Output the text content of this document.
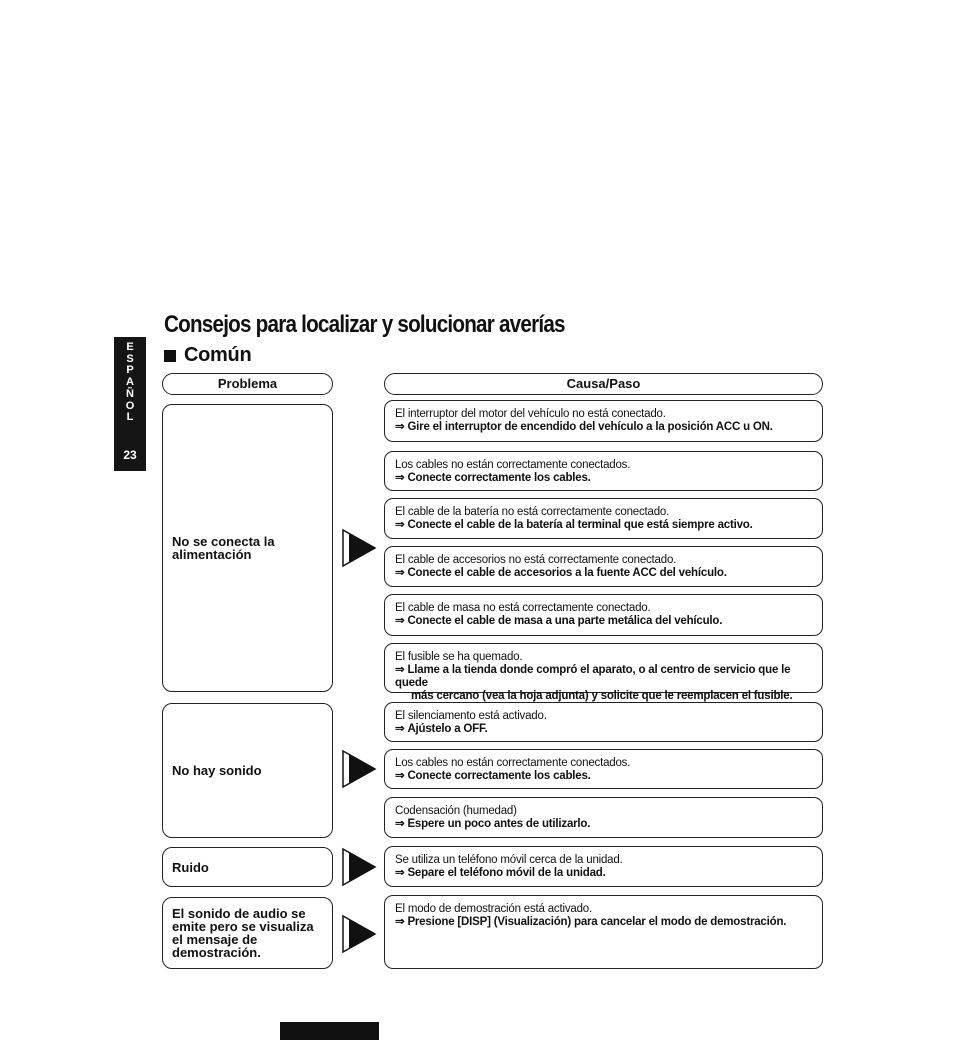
E
S
P
A
Ñ
O
L
23
Consejos para localizar y solucionar averías
Común
Problema	Causa/Paso
No se conecta la alimentación
No hay sonido
Ruido
El sonido de audio se emite pero se visualiza el mensaje de demostración.
El interruptor del motor del vehículo no está conectado.
⇒ Gire el interruptor de encendido del vehículo a la posición ACC u ON.
Los cables no están correctamente conectados.
⇒ Conecte correctamente los cables.
El cable de la batería no está correctamente conectado.
⇒ Conecte el cable de la batería al terminal que está siempre activo.
El cable de accesorios no está correctamente conectado.
⇒ Conecte el cable de accesorios a la fuente ACC del vehículo.
El cable de masa no está correctamente conectado.
⇒ Conecte el cable de masa a una parte metálica del vehículo.
El fusible se ha quemado.
⇒ Llame a la tienda donde compró el aparato, o al centro de servicio que le quede
más cercano (vea la hoja adjunta) y solicite que le reemplacen el fusible.
El silenciamento está activado.
⇒ Ajústelo a OFF.
Los cables no están correctamente conectados.
⇒ Conecte correctamente los cables.
Codensación (humedad)
⇒ Espere un poco antes de utilizarlo.
Se utiliza un teléfono móvil cerca de la unidad.
⇒ Separe el teléfono móvil de la unidad.
El modo de demostración está activado.
⇒ Presione [DISP] (Visualización) para cancelar el modo de demostración.
